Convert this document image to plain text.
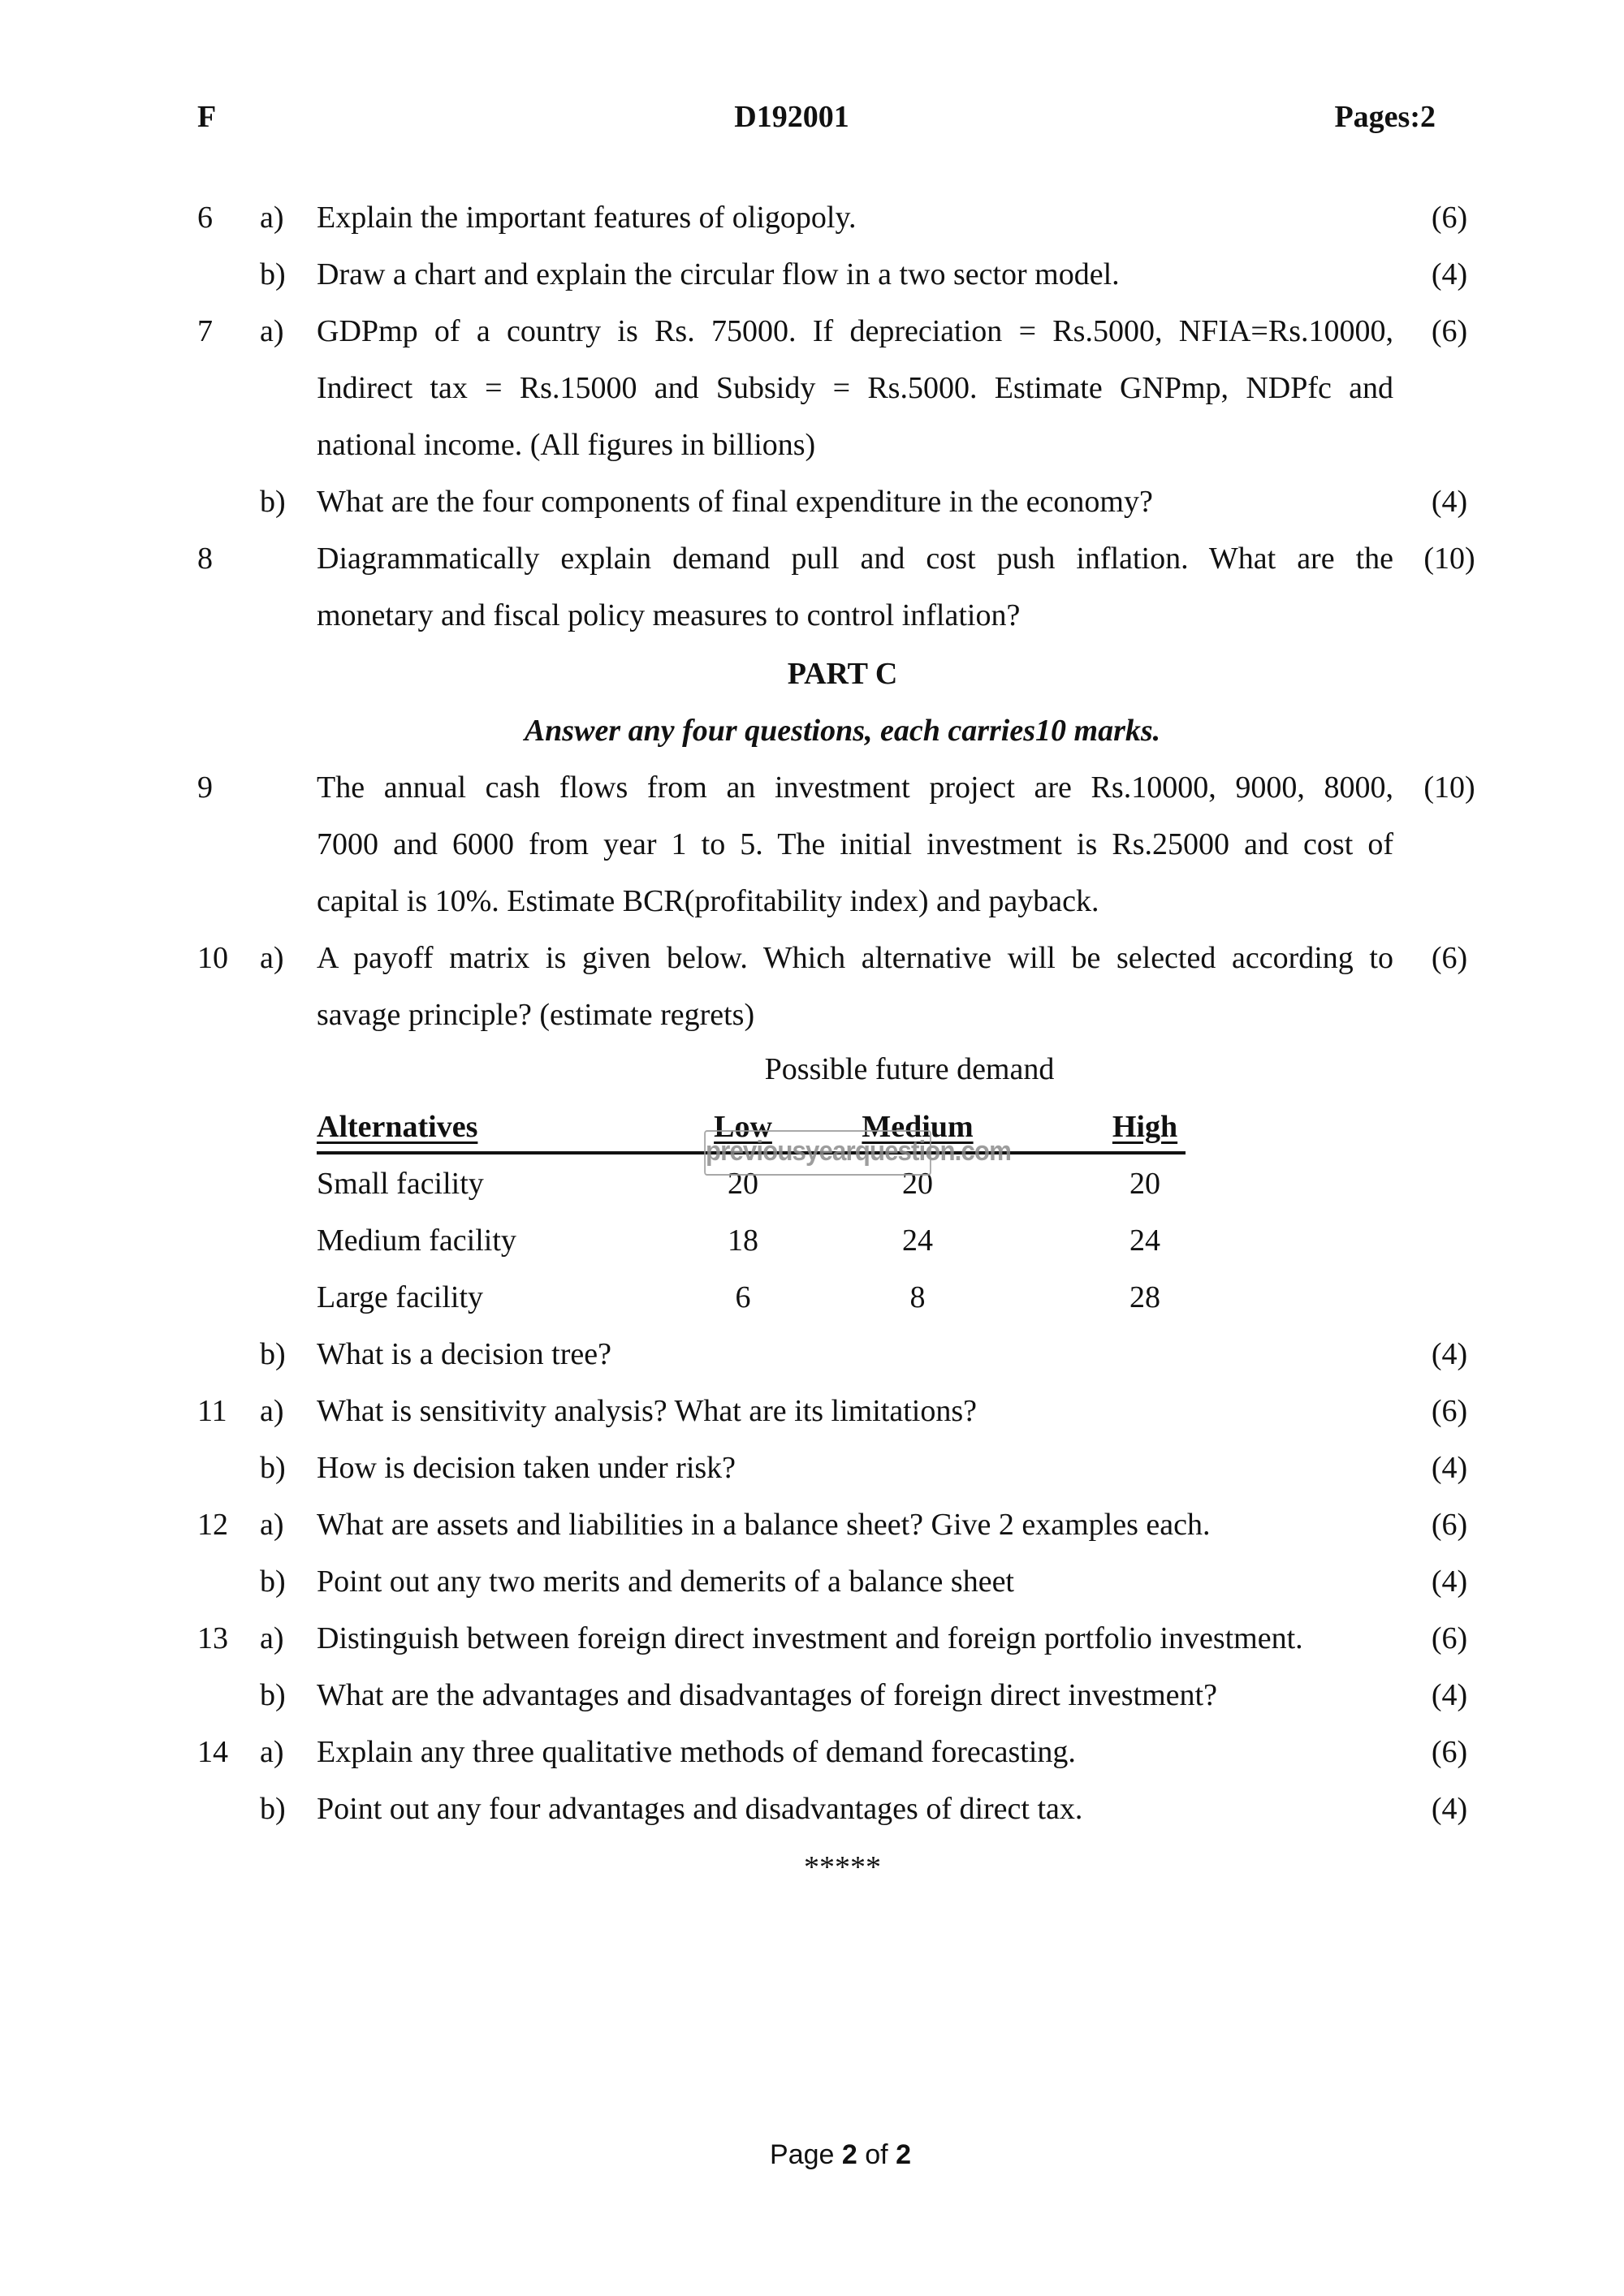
F	D192001	Pages:2
6	a)	Explain the important features of oligopoly.	(6)
b)	Draw a chart and explain the circular flow in a two sector model.	(4)
7	a)	GDPmp of a country is Rs. 75000. If depreciation = Rs.5000, NFIA=Rs.10000,	(6)
Indirect tax = Rs.15000 and Subsidy = Rs.5000. Estimate GNPmp, NDPfc and
national income. (All figures in billions)
b)	What are the four components of final expenditure in the economy?	(4)
8	Diagrammatically explain demand pull and cost push inflation. What are the (10)
monetary and fiscal policy measures to control inflation?
PART C
Answer any four questions, each carries10 marks.
9	The annual cash flows from an investment project are Rs.10000, 9000, 8000, (10)
7000 and 6000 from year 1 to 5. The initial investment is Rs.25000 and cost of
capital is 10%. Estimate BCR(profitability index) and payback.
10	a)	A payoff matrix is given below. Which alternative will be selected according to	(6)
savage principle? (estimate regrets)
Possible future demand
Alternatives	Low	Medium	High
Small facility	20	20	20
Medium facility	18	24	24
Large facility	6	8	28
previousyearquestion.com
b)	What is a decision tree?	(4)
11	a)	What is sensitivity analysis? What are its limitations?	(6)
b)	How is decision taken under risk?	(4)
12	a)	What are assets and liabilities in a balance sheet? Give 2 examples each.	(6)
b)	Point out any two merits and demerits of a balance sheet	(4)
13	a)	Distinguish between foreign direct investment and foreign portfolio investment.	(6)
b)	What are the advantages and disadvantages of foreign direct investment?	(4)
14	a)	Explain any three qualitative methods of demand forecasting.	(6)
b)	Point out any four advantages and disadvantages of direct tax.	(4)
*****
Page 2 of 2
